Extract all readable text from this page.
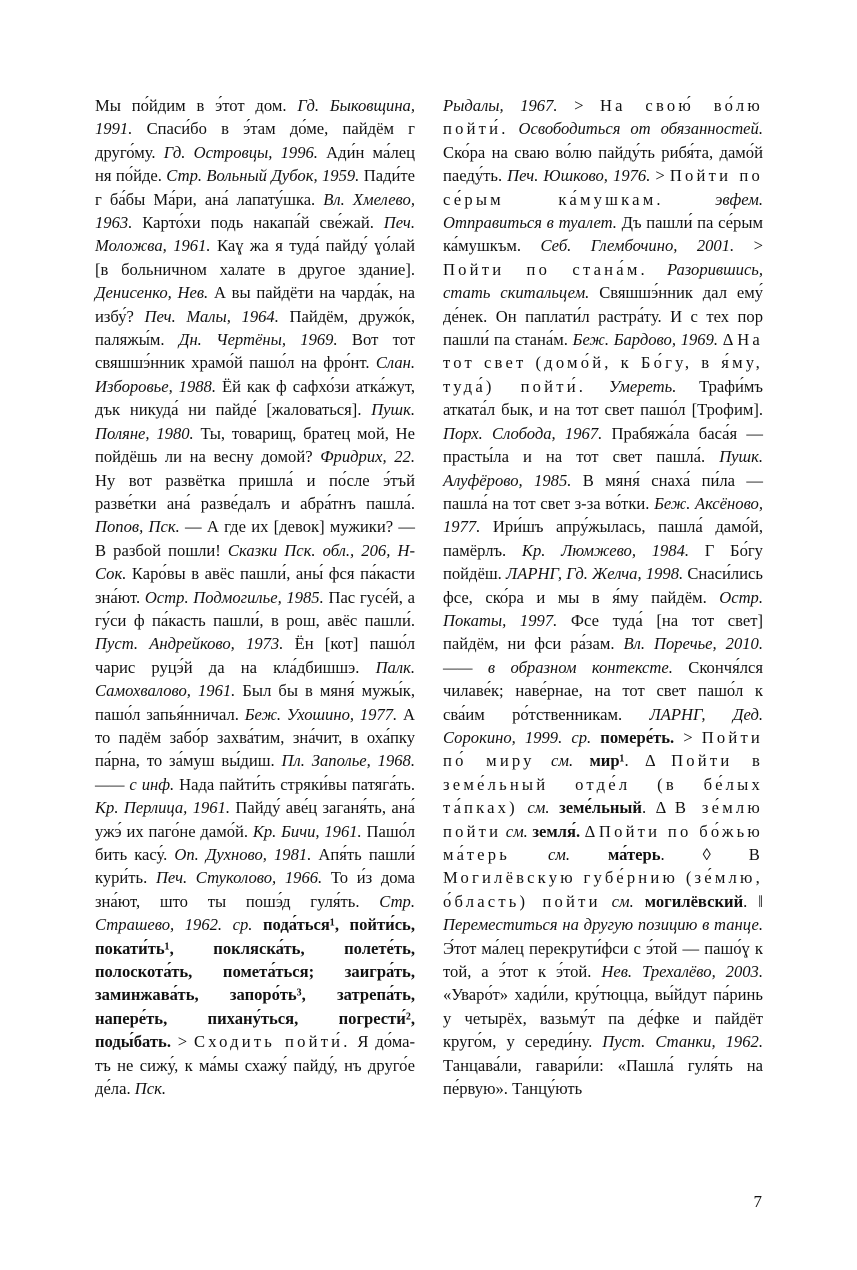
Мы по́йдим в э́тот дом. Гд. Быковщина, 1991. Спаси́бо в э́там до́ме, пайдём г друго́му. Гд. Островцы, 1996. Ади́н ма́лец ня по́йде. Стр. Вольный Дубок, 1959. Пади́те г ба́бы Ма́ри, ана́ лапату́шка. Вл. Хмелево, 1963. Карто́хи подь накапа́й све́жай. Печ. Моложва, 1961. Каɣ жа я туда́ пайду́ ɣо́лай [в больничном халате в другое здание]. Денисенко, Нев. А вы пайдёти на чарда́к, на избу́? Печ. Малы, 1964. Пайдём, дружо́к, паляжы́м. Дн. Чертёны, 1969. Вот тот свяшшэ́нник храмо́й пашо́л на фро́нт. Слан. Изборовье, 1988. Ёй как ф сафхо́зи атка́жут, дък никуда́ ни пайде́ [жаловаться]. Пушк. Поляне, 1980. Ты, товарищ, братец мой, Не пойдёшь ли на весну домой? Фридрих, 22. Ну вот развётка пришла́ и по́сле э́тъй разве́тки ана́ разве́далъ и абра́тнъ пашла́. Попов, Пск. — А где их [девок] мужики? — В разбой пошли! Сказки Пск. обл., 206, Н-Сок. Каро́вы в авёс пашли́, аны́ фся па́касти зна́ют. Остр. Подмогилье, 1985. Пас гусе́й, а гу́си ф па́касть пашли́, в рош, авёс пашли́. Пуст. Андрейково, 1973. Ён [кот] пашо́л чарис руцэ́й да на кла́дбишшэ. Палк. Самохвалово, 1961. Был бы в мяня́ мужы́к, пашо́л запья́нничал. Беж. Ухошино, 1977. А то падём забо́р захва́тим, зна́чит, в оха́пку па́рна, то за́муш вы́диш. Пл. Заполье, 1968. —— с инф. Нада пайти́ть стряки́вы патяга́ть. Кр. Перлица, 1961. Пайду́ аве́ц заганя́ть, ана́ ужэ́ их паго́не дамо́й. Кр. Бичи, 1961. Пашо́л бить касу́. Оп. Духново, 1981. Апя́ть пашли́ кури́ть. Печ. Стуколово, 1966. То и́з дома зна́ют, што ты пошэ́д гуля́ть. Стр. Страшево, 1962. ср. пода́ться¹, пойти́сь, покати́ть¹, покляска́ть, полете́ть, полоскота́ть, помета́ться; заигра́ть, заминжава́ть, запоро́ть³, затрепа́ть, напере́ть, пихану́ться, погрести́², поды́бать. > Сходить пойти́. Я до́ма-тъ не сижу́, к ма́мы схажу́ пайду́, нъ друго́е де́ла. Пск.
Рыдалы, 1967. > На свою́ во́лю пойти́. Освободиться от обязанностей. Ско́ра на сваю во́лю пайду́ть рибя́та, дамо́й паеду́ть. Печ. Юшково, 1976. > Пойти по се́рым ка́мушкам.	эвфем. Отправиться в туалет. Дъ пашли́ па се́рым ка́мушкъм. Себ. Глембочино, 2001. > Пойти по стана́м. Разорившись, стать скитальцем. Свяшшэ́нник дал ему́ де́нек. Он паплати́л растра́ту. И с тех пор пашли́ па стана́м. Беж. Бардово, 1969. Δ На тот свет (домо́й, к Бо́гу, в я́му, туда́) пойти́. Умереть. Трафи́мъ атката́л бык, и на тот свет пашо́л [Трофим]. Порх. Слобода, 1967. Прабяжа́ла баса́я — прасты́ла и на тот свет пашла́. Пушк. Алуфёрово, 1985. В мяня́ снаха́ пи́ла — пашла́ на тот свет з-за во́тки. Беж. Аксёново, 1977. Ири́шъ апру́жылась, пашла́ дамо́й, памёрлъ. Кр. Люмжево, 1984. Г Бо́гу пойдёш. ЛАРНГ, Гд. Желча, 1998. Снаси́лись фсе, ско́ра и мы в я́му пайдём. Остр. Покаты, 1997. Фсе туда́ [на тот свет] пайдём, ни фси ра́зам. Вл. Поречье, 2010. —— в образном контексте. Скончя́лся чилаве́к; наве́рнае, на тот свет пашо́л к сва́им ро́тственникам. ЛАРНГ, Дед. Сорокино, 1999. ср. помере́ть. > Пойти по́ миру см. мир¹. Δ Пойти в земе́льный отде́л (в бе́лых та́пках) см. земе́льный. Δ В зе́млю пойти см. земля́. Δ Пойти по бо́жью ма́терь см. ма́терь. ◊ В Могилёвскую губе́рнию (зе́млю, о́бласть) пойти см. могилёвский. ‖ Переместиться на другую позицию в танце. Э́тот ма́лец перекрути́фси с э́той — пашо́ɣ к той, а э́тот к э́той. Нев. Трехалёво, 2003. «Уваро́т» хади́ли, кру́тюцца, вы́йдут па́ринь у четырёх, вазьму́т па де́фке и пайдёт круго́м, у середи́ну. Пуст. Станки, 1962. Танцава́ли, гавари́ли: «Пашла́ гуля́ть на пе́рвую». Танцу́ють
7
